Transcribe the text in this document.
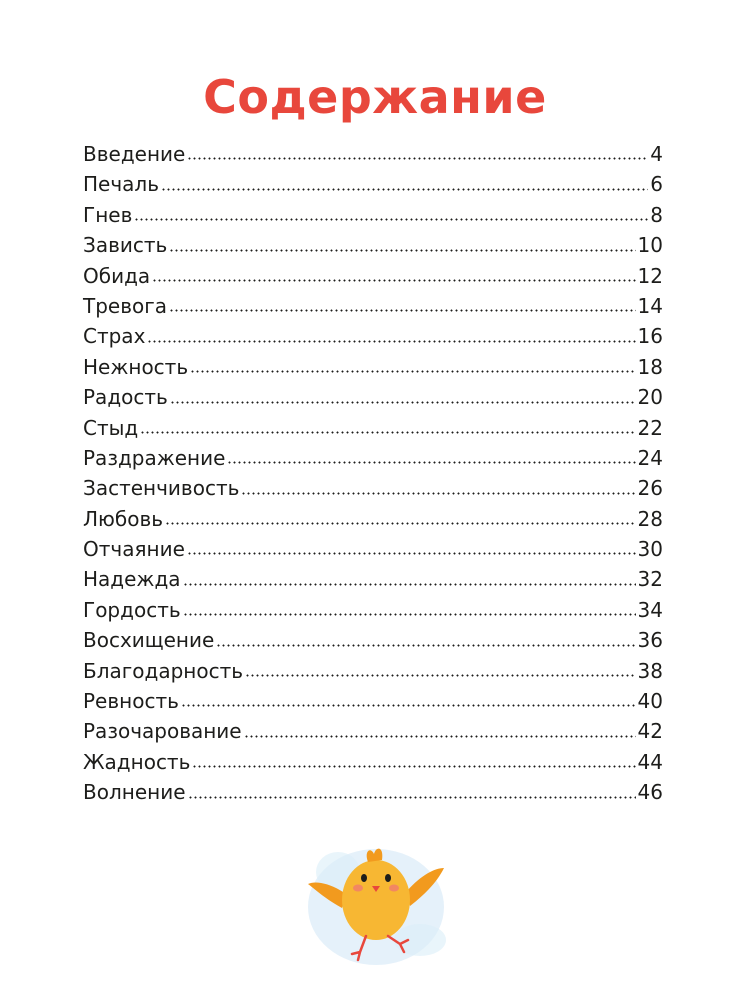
Содержание
Введение	4
Печаль	6
Гнев	8
Зависть	10
Обида	12
Тревога	14
Страх	16
Нежность	18
Радость	20
Стыд	22
Раздражение	24
Застенчивость	26
Любовь	28
Отчаяние	30
Надежда	32
Гордость	34
Восхищение	36
Благодарность	38
Ревность	40
Разочарование	42
Жадность	44
Волнение	46
